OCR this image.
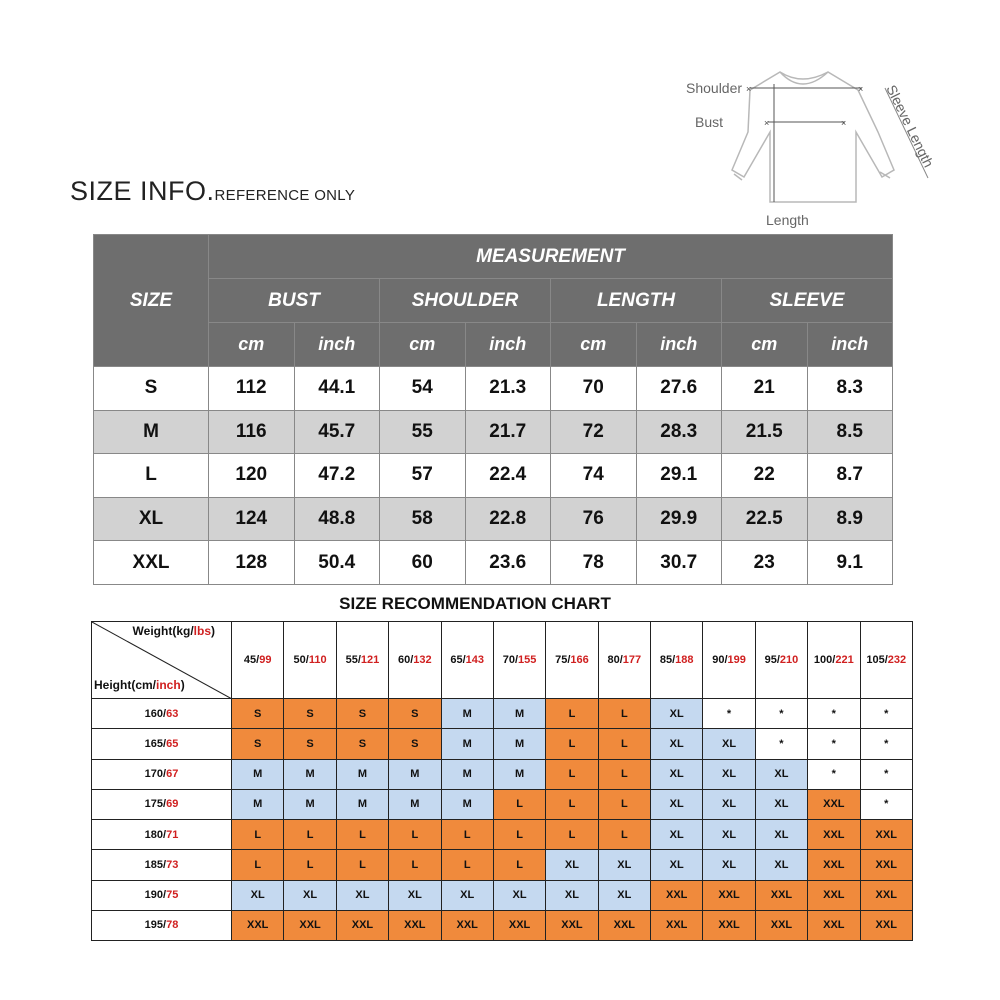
SIZE INFO.REFERENCE ONLY
×	×
×	×
Shoulder
Bust
Length
Sleeve Length
SIZE	MEASUREMENT							
	BUST		SHOULDER		LENGTH		SLEEVE	
	cm	inch	cm	inch	cm	inch	cm	inch
S	112	44.1	54	21.3	70	27.6	21	8.3
M	116	45.7	55	21.7	72	28.3	21.5	8.5
L	120	47.2	57	22.4	74	29.1	22	8.7
XL	124	48.8	58	22.8	76	29.9	22.5	8.9
XXL	128	50.4	60	23.6	78	30.7	23	9.1
SIZE RECOMMENDATION CHART
Weight(kg/lbs)
Height(cm/inch)	45/99	50/110	55/121	60/132	65/143	70/155	75/166	80/177	85/188	90/199	95/210	100/221	105/232
160/63	S	S	S	S	M	M	L	L	XL	*	*	*	*
165/65	S	S	S	S	M	M	L	L	XL	XL	*	*	*
170/67	M	M	M	M	M	M	L	L	XL	XL	XL	*	*
175/69	M	M	M	M	M	L	L	L	XL	XL	XL	XXL	*
180/71	L	L	L	L	L	L	L	L	XL	XL	XL	XXL	XXL
185/73	L	L	L	L	L	L	XL	XL	XL	XL	XL	XXL	XXL
190/75	XL	XL	XL	XL	XL	XL	XL	XL	XXL	XXL	XXL	XXL	XXL
195/78	XXL	XXL	XXL	XXL	XXL	XXL	XXL	XXL	XXL	XXL	XXL	XXL	XXL
